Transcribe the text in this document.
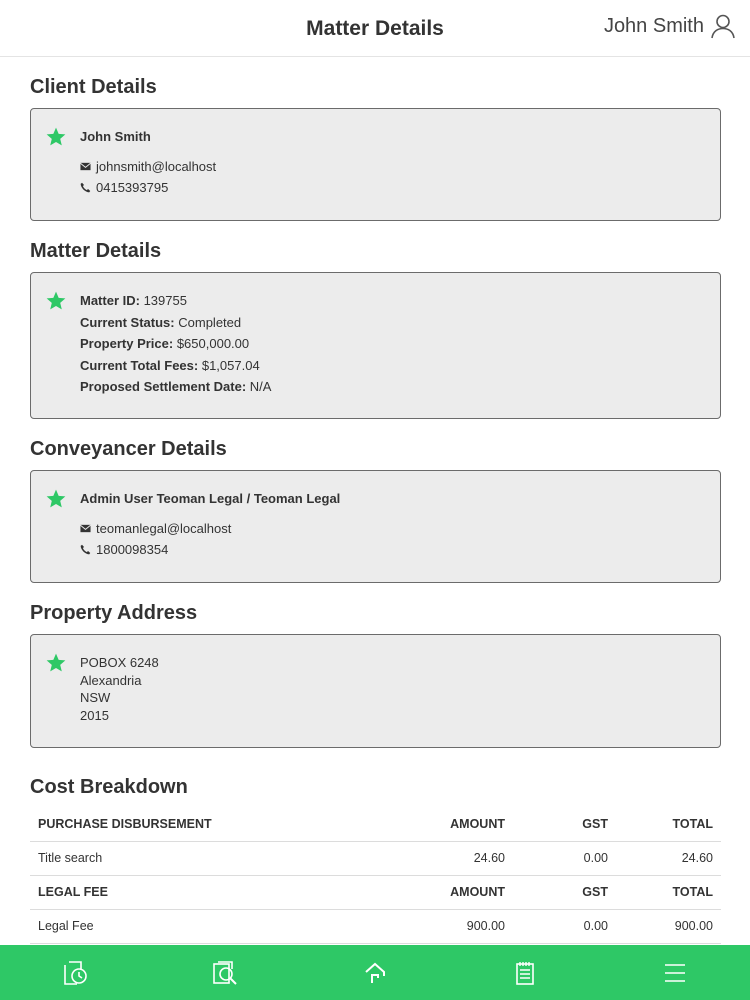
Matter Details	John Smith
Client Details
John Smith
johnsmith@localhost
0415393795
Matter Details
Matter ID: 139755
Current Status: Completed
Property Price: $650,000.00
Current Total Fees: $1,057.04
Proposed Settlement Date: N/A
Conveyancer Details
Admin User Teoman Legal / Teoman Legal
teomanlegal@localhost
1800098354
Property Address
POBOX 6248
Alexandria
NSW
2015
Cost Breakdown
PURCHASE DISBURSEMENT	AMOUNT	GST	TOTAL
Title search	24.60	0.00	24.60
LEGAL FEE	AMOUNT	GST	TOTAL
Legal Fee	900.00	0.00	900.00
